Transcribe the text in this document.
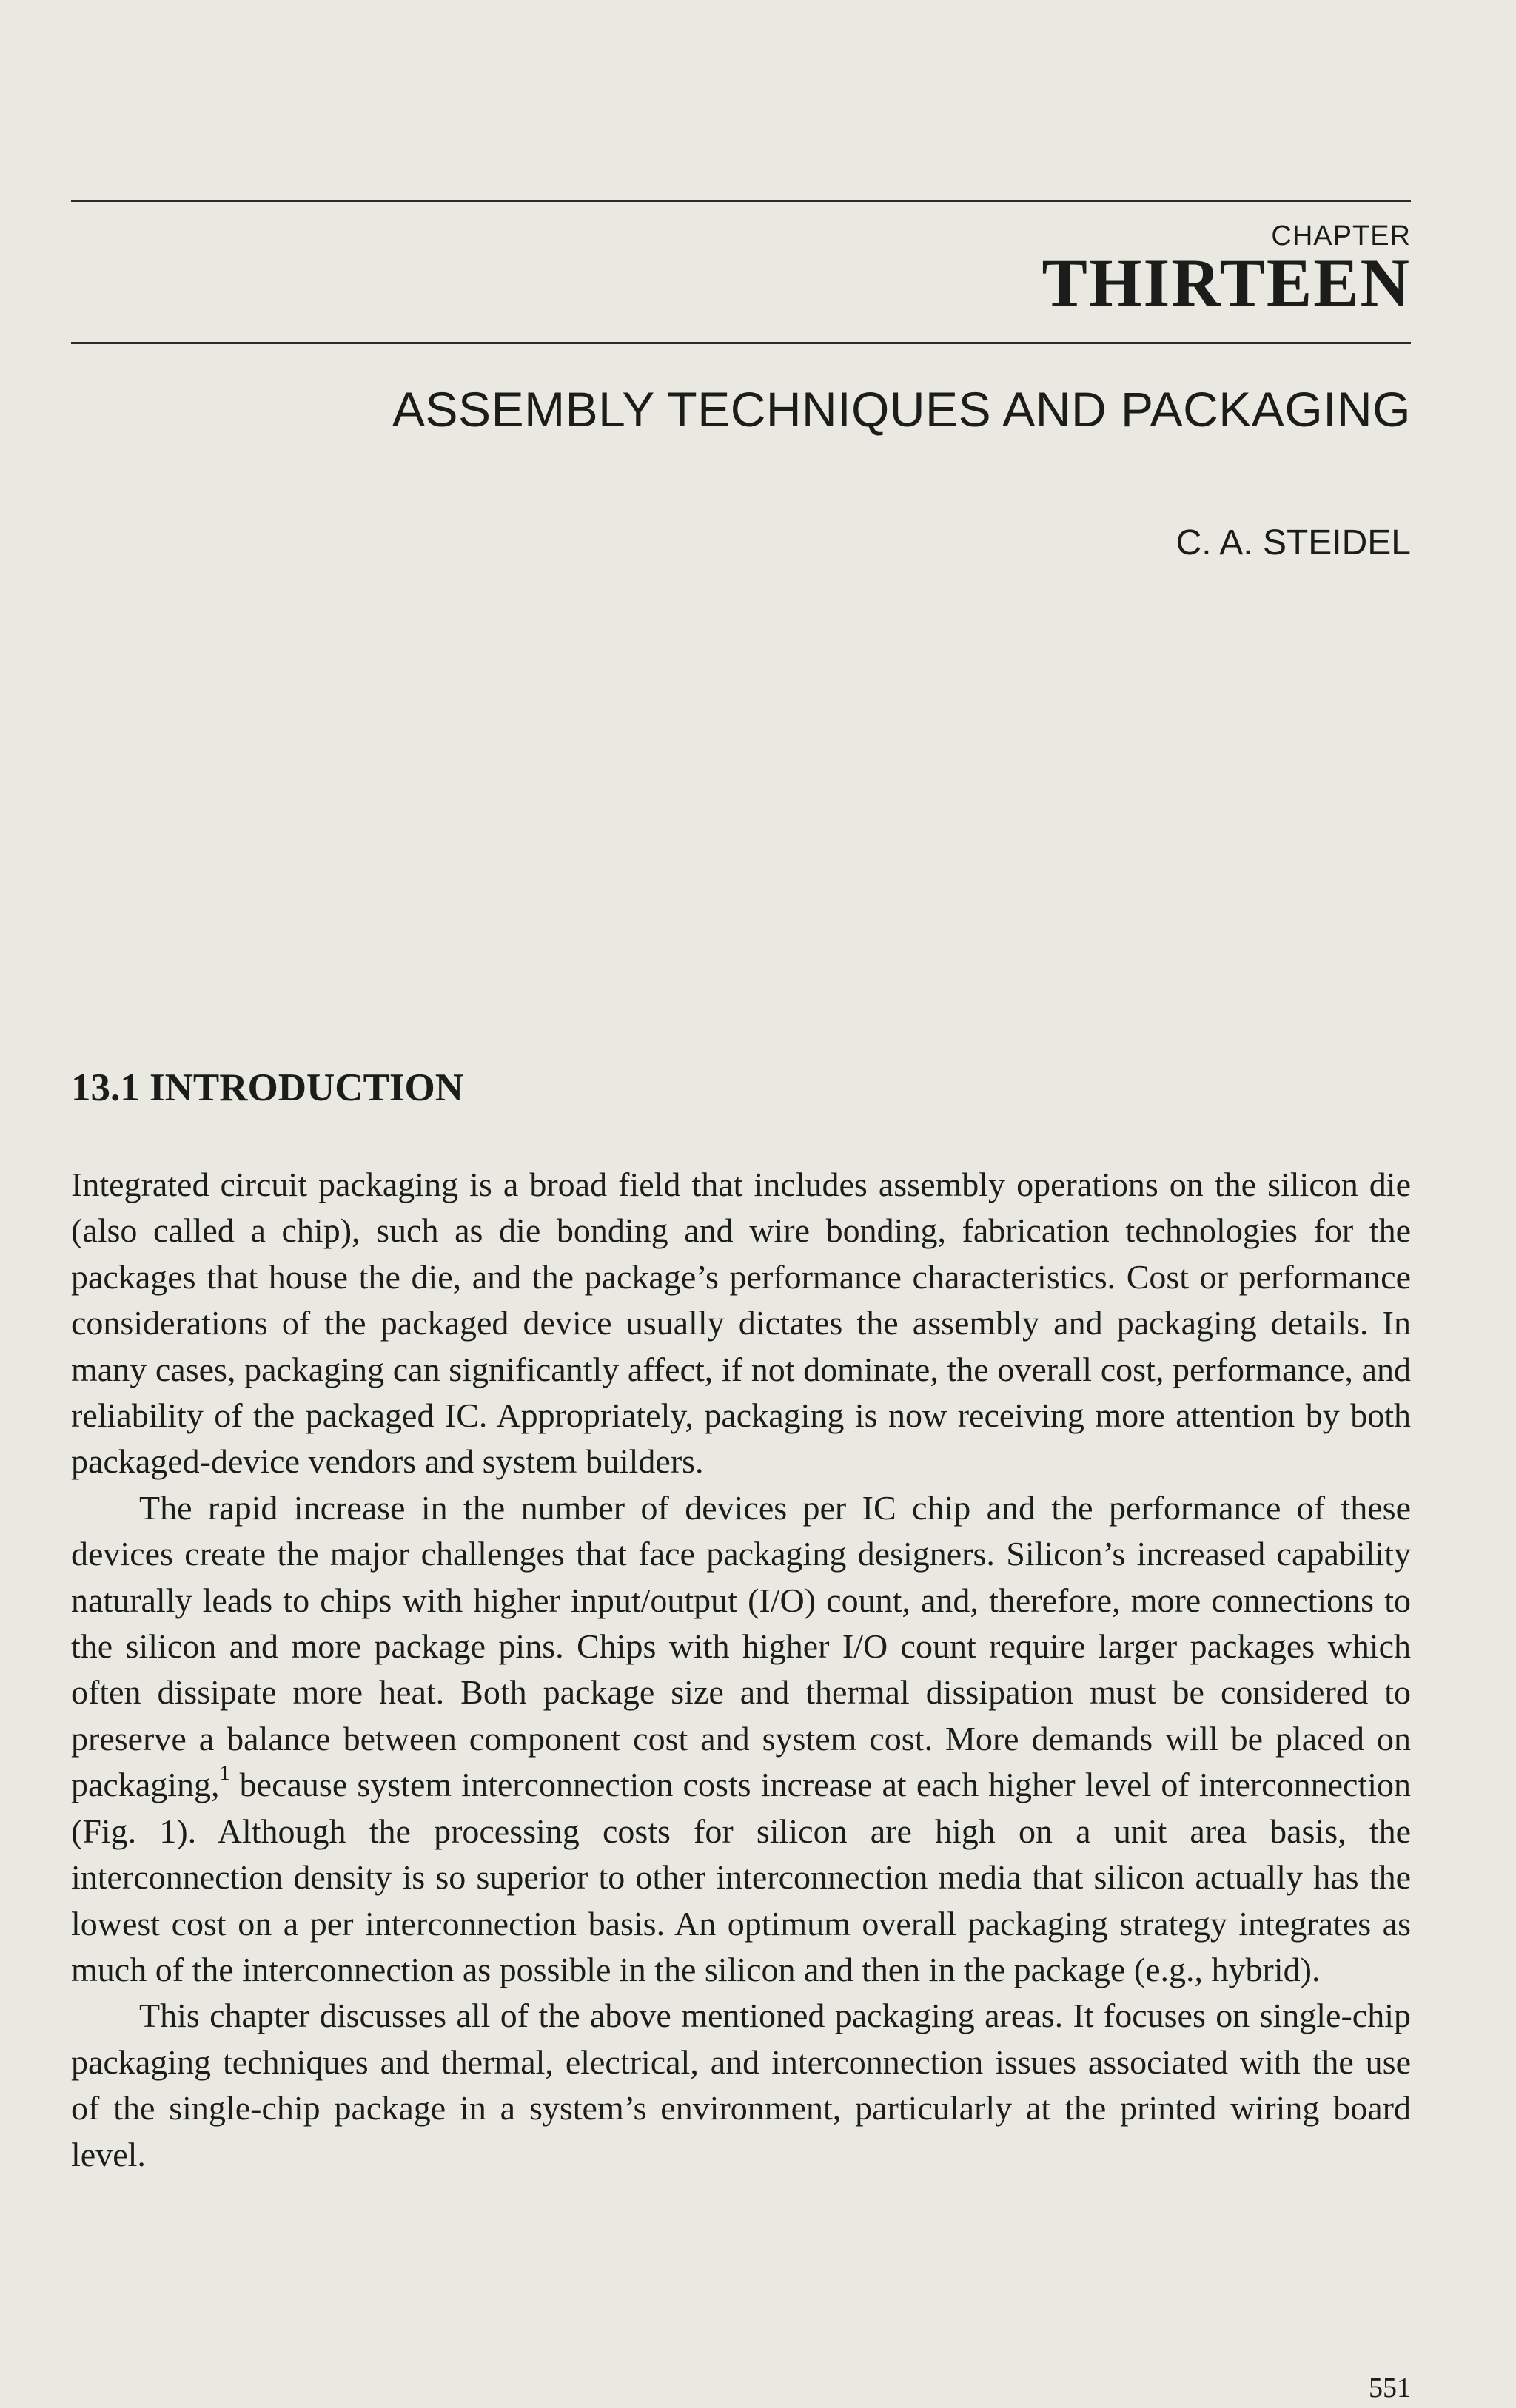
CHAPTER
THIRTEEN
ASSEMBLY TECHNIQUES AND PACKAGING
C. A. STEIDEL
13.1 INTRODUCTION

Integrated circuit packaging is a broad field that includes assembly operations on the silicon die (also called a chip), such as die bonding and wire bonding, fabrication technologies for the packages that house the die, and the package’s performance characteristics. Cost or performance considerations of the packaged device usually dictates the assembly and packaging details. In many cases, packaging can significantly affect, if not dominate, the overall cost, performance, and reliability of the packaged IC. Appropriately, packaging is now receiving more attention by both packaged-device vendors and system builders.

The rapid increase in the number of devices per IC chip and the performance of these devices create the major challenges that face packaging designers. Silicon’s increased capability naturally leads to chips with higher input/output (I/O) count, and, therefore, more connections to the silicon and more package pins. Chips with higher I/O count require larger packages which often dissipate more heat. Both package size and thermal dissipation must be considered to preserve a balance between component cost and system cost. More demands will be placed on packaging,$^1$ because system interconnection costs increase at each higher level of interconnection (Fig. 1). Although the processing costs for silicon are high on a unit area basis, the interconnection density is so superior to other interconnection media that silicon actually has the lowest cost on a per interconnection basis. An optimum overall packaging strategy integrates as much of the interconnection as possible in the silicon and then in the package (e.g., hybrid).

This chapter discusses all of the above mentioned packaging areas. It focuses on single-chip packaging techniques and thermal, electrical, and interconnection issues associated with the use of the single-chip package in a system’s environment, particularly at the printed wiring board level.

551
